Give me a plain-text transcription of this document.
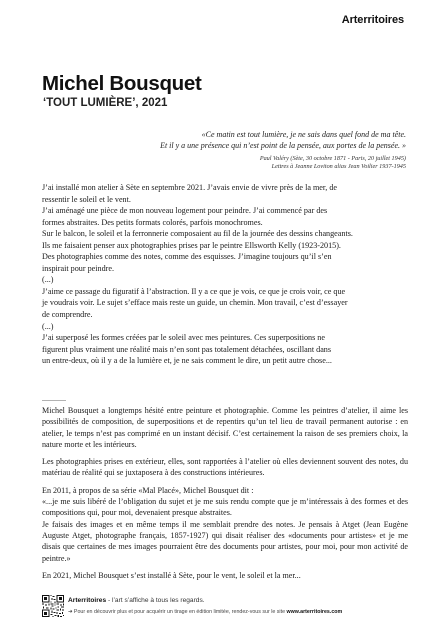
Arterritoires
Michel Bousquet
‘TOUT LUMIÈRE’, 2021
«Ce matin est tout lumière, je ne sais dans quel fond de ma tête.
Et il y a une présence qui n’est point de la pensée, aux portes de la pensée. »
Paul Valéry (Sète, 30 octobre 1871 - Paris, 20 juillet 1945)
Lettres à Jeanne Loviton alias Jean Voilier 1937-1945

J’ai installé mon atelier à Sète en septembre 2021. J’avais envie de vivre près de la mer, de

ressentir le soleil et le vent.

J’ai aménagé une pièce de mon nouveau logement pour peindre. J’ai commencé par des

formes abstraites. Des petits formats colorés, parfois monochromes.

Sur le balcon, le soleil et la ferronnerie composaient au fil de la journée des dessins changeants.

Ils me faisaient penser aux photographies prises par le peintre Ellsworth Kelly (1923-2015).

Des photographies comme des notes, comme des esquisses. J’imagine toujours qu’il s’en

inspirait pour peindre.

(...)

J’aime ce passage du figuratif à l’abstraction. Il y a ce que je vois, ce que je crois voir, ce que

je voudrais voir. Le sujet s’efface mais reste un guide, un chemin. Mon travail, c’est d’essayer

de comprendre.

(...)

J’ai superposé les formes créées par le soleil avec mes peintures. Ces superpositions ne

figurent plus vraiment une réalité mais n’en sont pas totalement détachées, oscillant dans

un entre-deux, où il y a de la lumière et, je ne sais comment le dire, un petit autre chose...

............

Michel Bousquet a longtemps hésité entre peinture et photographie. Comme les peintres d’atelier, il aime les possibilités de composition, de superpositions et de repentirs qu’un tel lieu de travail permanent autorise : en atelier, le temps n’est pas comprimé en un instant décisif. C’est certainement la raison de ses premiers choix, la nature morte et les intérieurs.

Les photographies prises en extérieur, elles, sont rapportées à l’atelier où elles deviennent souvent des notes, du matériau de réalité qui se juxtaposera à des constructions intérieures.

En 2011, à propos de sa série «Mal Placé», Michel Bousquet dit :

«...je me suis libéré de l’obligation du sujet et je me suis rendu compte que je m’intéressais à des formes et des compositions qui, pour moi, devenaient presque abstraites.

Je faisais des images et en même temps il me semblait prendre des notes. Je pensais à Atget (Jean Eugène Auguste Atget, photographe français, 1857-1927) qui disait réaliser des «documents pour artistes» et je me disais que certaines de mes images pourraient être des documents pour artistes, pour moi, pour mon activité de peintre.»

En 2021, Michel Bousquet s’est installé à Sète, pour le vent, le soleil et la mer...

Arterritoires - l’art s’affiche à tous les regards.
➜ Pour en découvrir plus et pour acquérir un tirage en édition limitée, rendez-vous sur le site www.arterritoires.com
